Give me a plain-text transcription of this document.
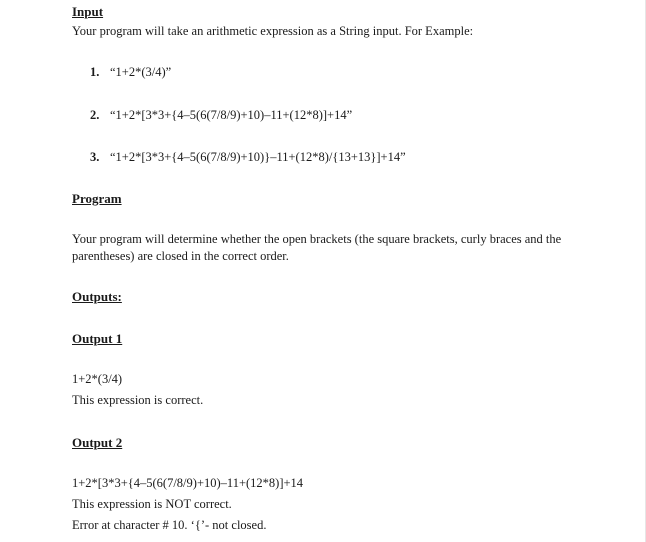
Input
Your program will take an arithmetic expression as a String input. For Example:
1. “1+2*(3/4)”
2. “1+2*[3*3+{4–5(6(7/8/9)+10)–11+(12*8)]+14”
3. “1+2*[3*3+{4–5(6(7/8/9)+10)}–11+(12*8)/{13+13}]+14”
Program
Your program will determine whether the open brackets (the square brackets, curly braces and the parentheses) are closed in the correct order.
Outputs:
Output 1
1+2*(3/4)
This expression is correct.
Output 2
1+2*[3*3+{4–5(6(7/8/9)+10)–11+(12*8)]+14
This expression is NOT correct.
Error at character # 10. ‘{’- not closed.
